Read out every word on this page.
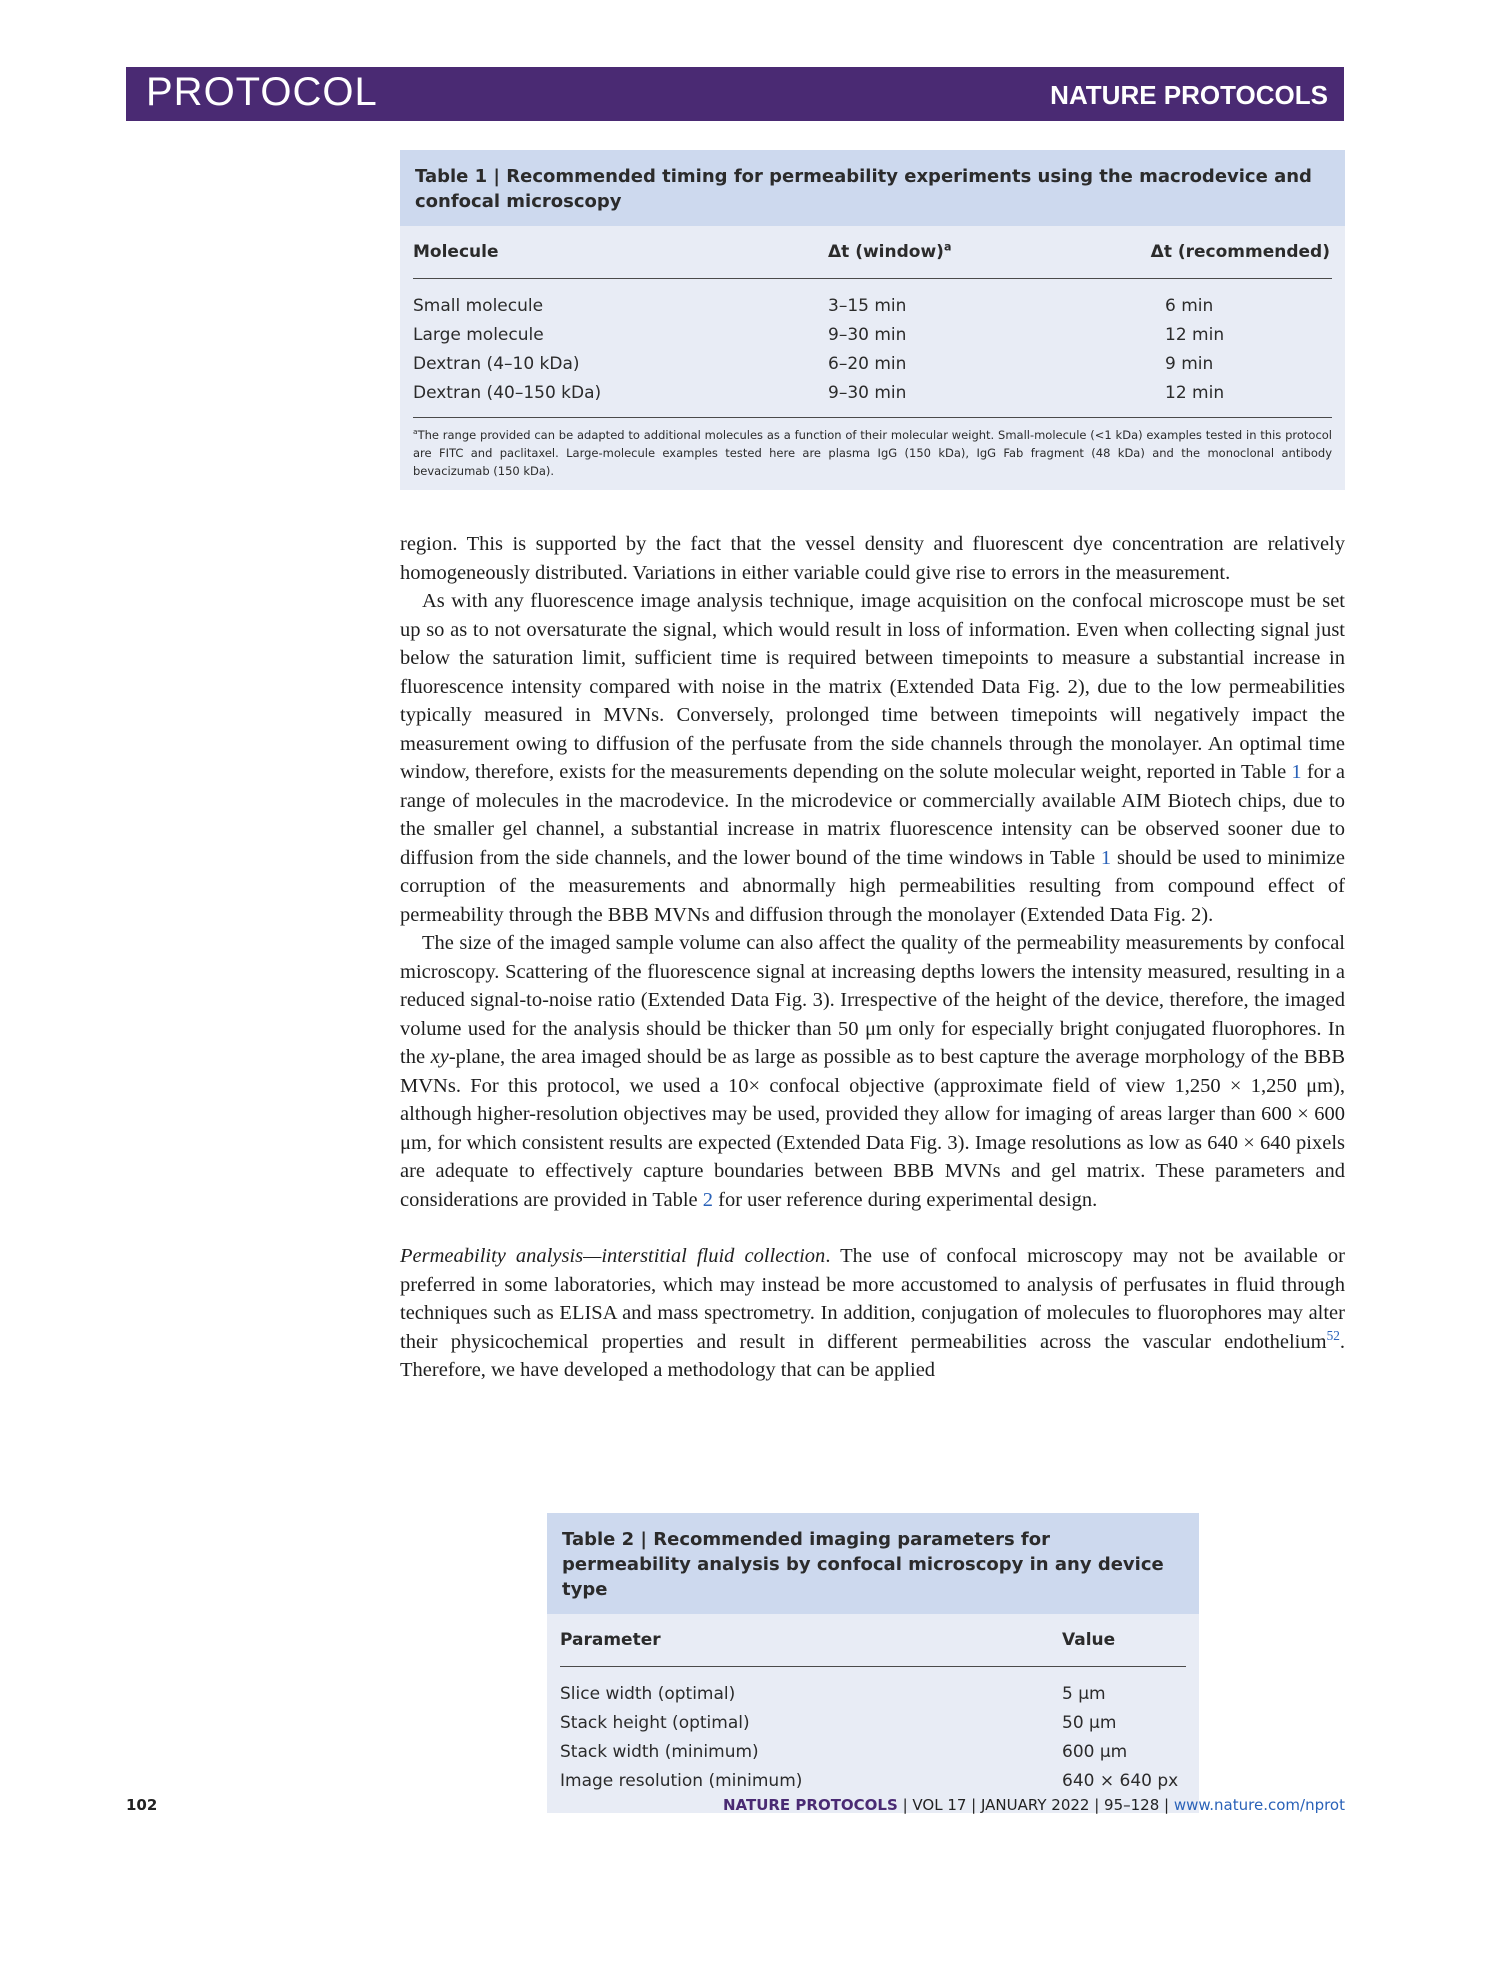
PROTOCOL	NATURE PROTOCOLS
Table 1 | Recommended timing for permeability experiments using the macrodevice and confocal microscopy
Molecule	Δt (window)$^a$	Δt (recommended)
Small molecule	3–15 min	6 min
Large molecule	9–30 min	12 min
Dextran (4–10 kDa)	6–20 min	9 min
Dextran (40–150 kDa)	9–30 min	12 min
$^a$The range provided can be adapted to additional molecules as a function of their molecular weight. Small-molecule (<1 kDa) examples tested in this protocol are FITC and paclitaxel. Large-molecule examples tested here are plasma IgG (150 kDa), IgG Fab fragment (48 kDa) and the monoclonal antibody bevacizumab (150 kDa).

region. This is supported by the fact that the vessel density and fluorescent dye concentration are relatively homogeneously distributed. Variations in either variable could give rise to errors in the measurement.

As with any fluorescence image analysis technique, image acquisition on the confocal microscope must be set up so as to not oversaturate the signal, which would result in loss of information. Even when collecting signal just below the saturation limit, sufficient time is required between timepoints to measure a substantial increase in fluorescence intensity compared with noise in the matrix (Extended Data Fig. 2), due to the low permeabilities typically measured in MVNs. Conversely, prolonged time between timepoints will negatively impact the measurement owing to diffusion of the perfusate from the side channels through the monolayer. An optimal time window, therefore, exists for the measurements depending on the solute molecular weight, reported in Table 1 for a range of molecules in the macrodevice. In the microdevice or commercially available AIM Biotech chips, due to the smaller gel channel, a substantial increase in matrix fluorescence intensity can be observed sooner due to diffusion from the side channels, and the lower bound of the time windows in Table 1 should be used to minimize corruption of the measurements and abnormally high permeabilities resulting from compound effect of permeability through the BBB MVNs and diffusion through the monolayer (Extended Data Fig. 2).

The size of the imaged sample volume can also affect the quality of the permeability measurements by confocal microscopy. Scattering of the fluorescence signal at increasing depths lowers the intensity measured, resulting in a reduced signal-to-noise ratio (Extended Data Fig. 3). Irrespective of the height of the device, therefore, the imaged volume used for the analysis should be thicker than 50 μm only for especially bright conjugated fluorophores. In the xy-plane, the area imaged should be as large as possible as to best capture the average morphology of the BBB MVNs. For this protocol, we used a 10× confocal objective (approximate field of view 1,250 × 1,250 μm), although higher-resolution objectives may be used, provided they allow for imaging of areas larger than 600 × 600 μm, for which consistent results are expected (Extended Data Fig. 3). Image resolutions as low as 640 × 640 pixels are adequate to effectively capture boundaries between BBB MVNs and gel matrix. These parameters and considerations are provided in Table 2 for user reference during experimental design.

Permeability analysis—interstitial fluid collection. The use of confocal microscopy may not be available or preferred in some laboratories, which may instead be more accustomed to analysis of perfusates in fluid through techniques such as ELISA and mass spectrometry. In addition, conjugation of molecules to fluorophores may alter their physicochemical properties and result in different permeabilities across the vascular endothelium$^{52}$. Therefore, we have developed a methodology that can be applied

Table 2 | Recommended imaging parameters for permeability analysis by confocal microscopy in any device type
Parameter	Value
Slice width (optimal)	5 μm
Stack height (optimal)	50 μm
Stack width (minimum)	600 μm
Image resolution (minimum)	640 × 640 px
102	NATURE PROTOCOLS | VOL 17 | JANUARY 2022 | 95–128 | www.nature.com/nprot
